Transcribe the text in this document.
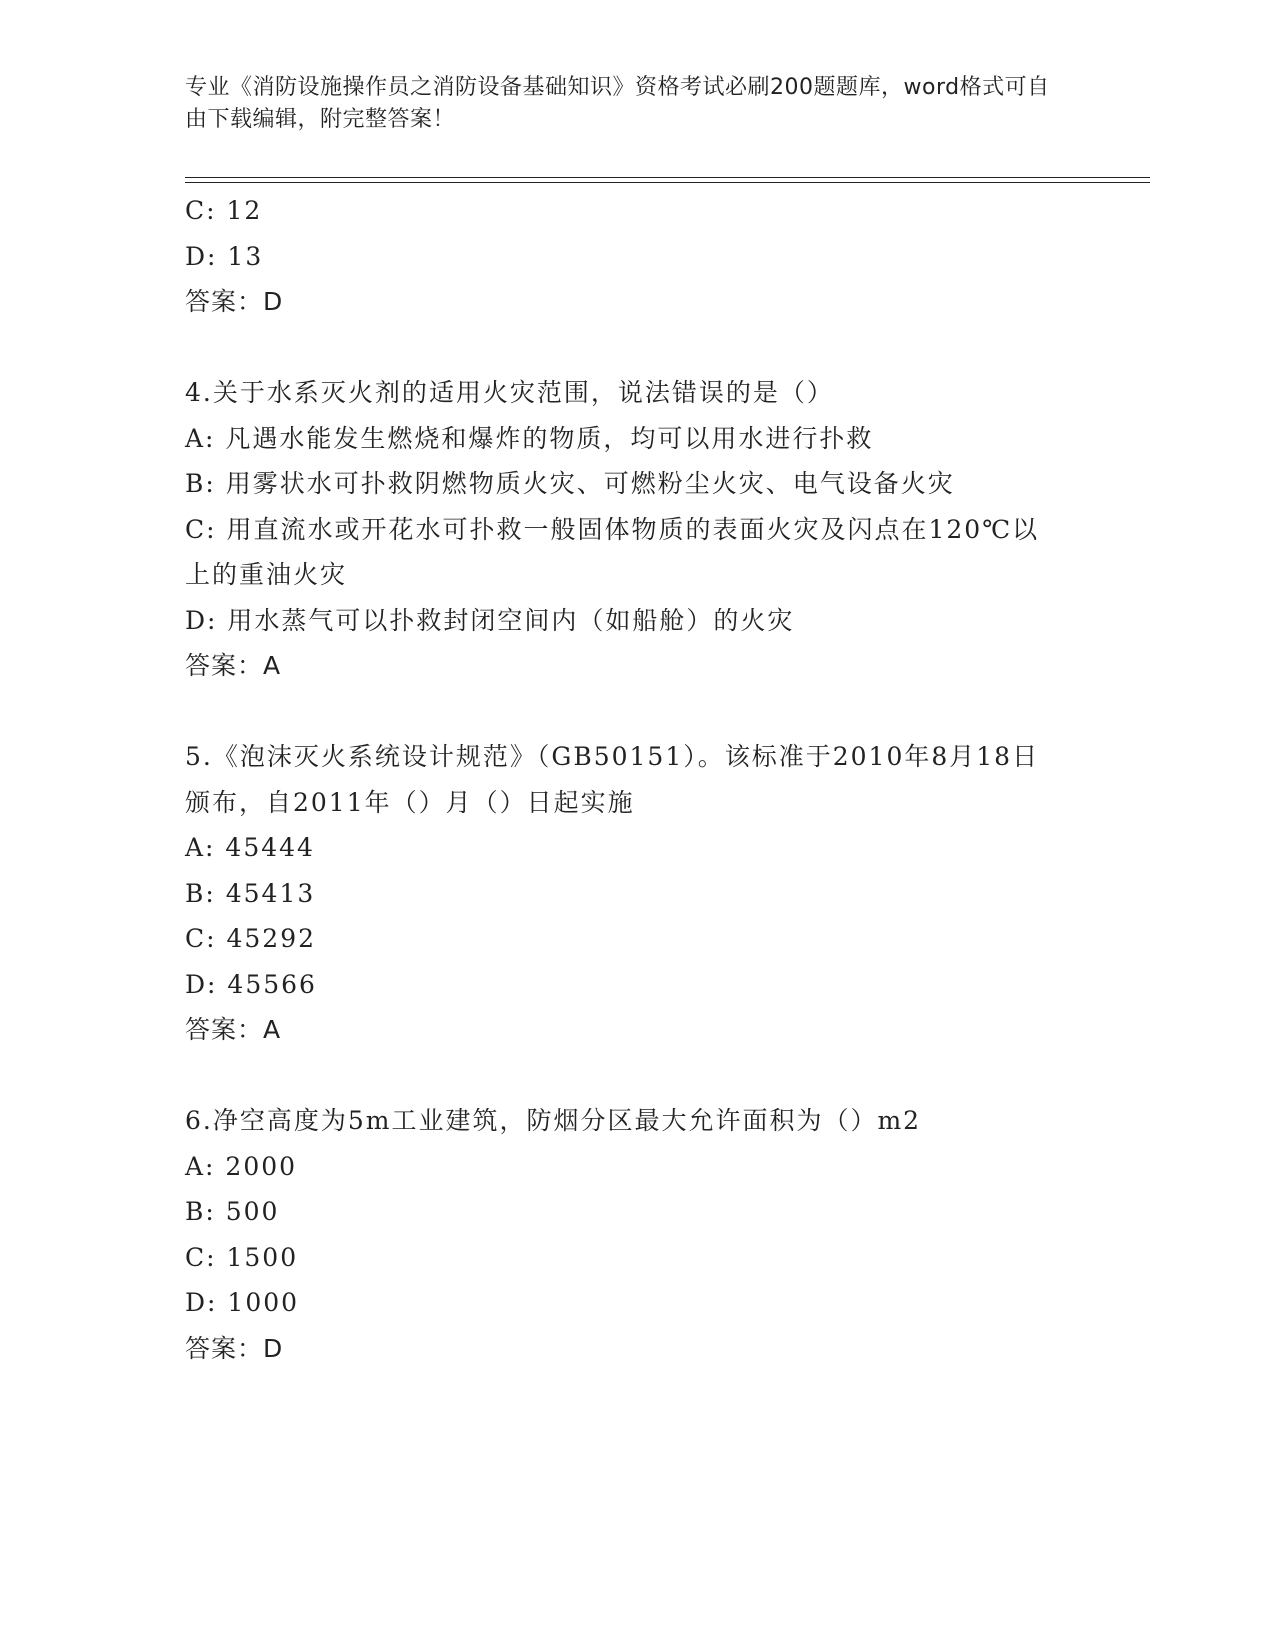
专业《消防设施操作员之消防设备基础知识》资格考试必刷200题题库，word格式可自由下载编辑，附完整答案！
C: 12
D: 13
答案：D
4.关于水系灭火剂的适用火灾范围，说法错误的是（）
A: 凡遇水能发生燃烧和爆炸的物质，均可以用水进行扑救
B: 用雾状水可扑救阴燃物质火灾、可燃粉尘火灾、电气设备火灾
C: 用直流水或开花水可扑救一般固体物质的表面火灾及闪点在120℃以上的重油火灾
D: 用水蒸气可以扑救封闭空间内（如船舱）的火灾
答案：A
5.《泡沫灭火系统设计规范》（GB50151）。该标准于2010年8月18日颁布，自2011年（）月（）日起实施
A: 45444
B: 45413
C: 45292
D: 45566
答案：A
6.净空高度为5m工业建筑，防烟分区最大允许面积为（）m2
A: 2000
B: 500
C: 1500
D: 1000
答案：D
